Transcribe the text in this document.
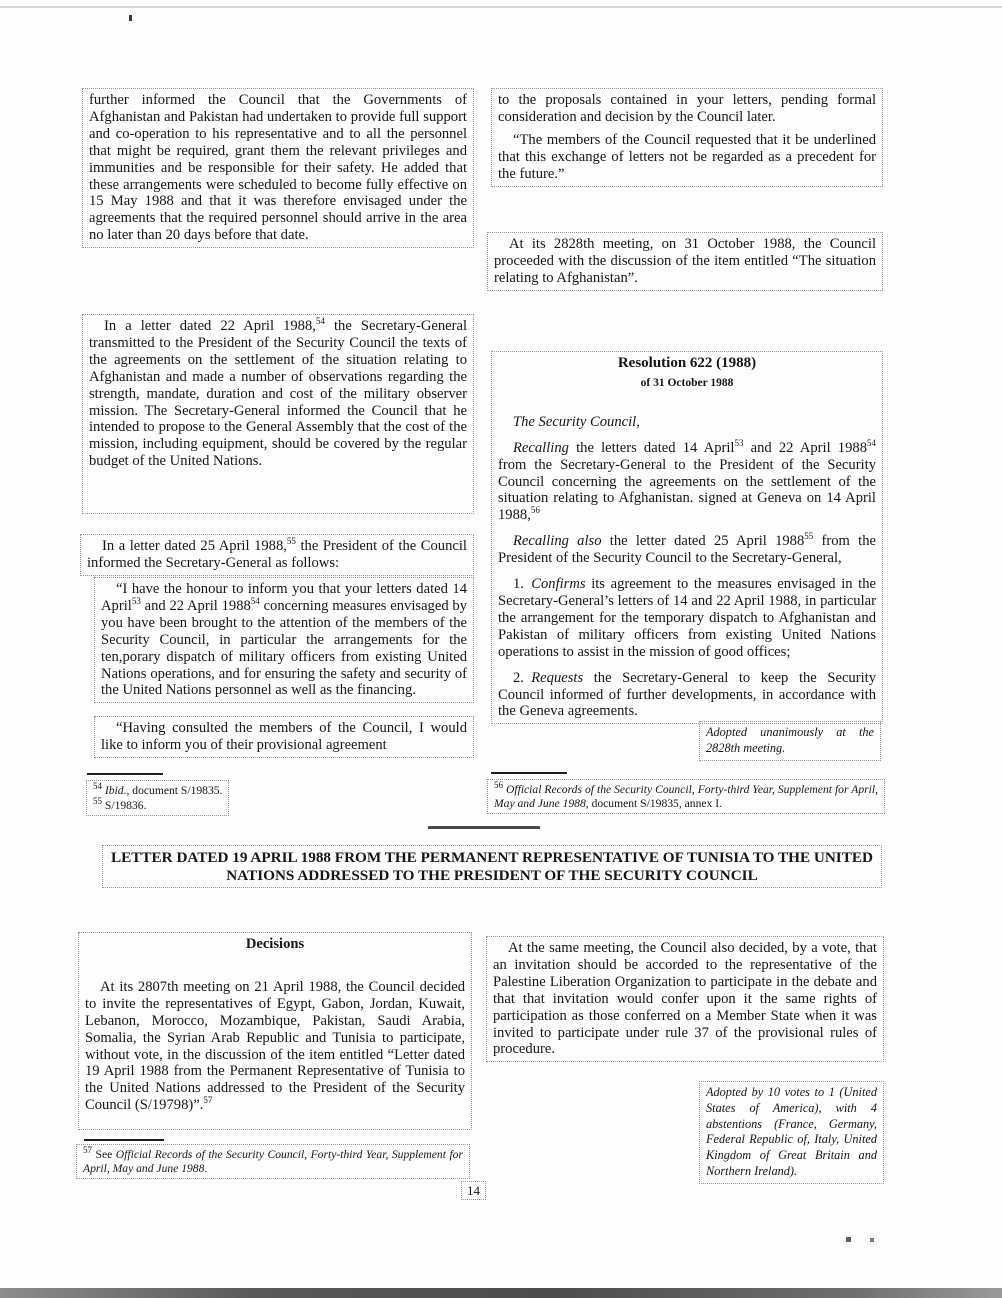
further informed the Council that the Governments of Afghanistan and Pakistan had undertaken to provide full support and co-operation to his representative and to all the personnel that might be required, grant them the relevant privileges and immunities and be responsible for their safety. He added that these arrangements were scheduled to become fully effective on 15 May 1988 and that it was therefore envisaged under the agreements that the required personnel should arrive in the area no later than 20 days before that date.

In a letter dated 22 April 1988,54 the Secretary-General transmitted to the President of the Security Council the texts of the agreements on the settlement of the situation relating to Afghanistan and made a number of observations regarding the strength, mandate, duration and cost of the military observer mission. The Secretary-General informed the Council that he intended to propose to the General Assembly that the cost of the mission, including equipment, should be covered by the regular budget of the United Nations.

In a letter dated 25 April 1988,55 the President of the Council informed the Secretary-General as follows:

“I have the honour to inform you that your letters dated 14 April$^{53}$ and 22 April 1988$^{54}$ concerning measures envisaged by you have been brought to the attention of the members of the Security Council, in particular the arrangements for the ten,porary dispatch of military officers from existing United Nations operations, and for ensuring the safety and security of the United Nations personnel as well as the financing.

“Having consulted the members of the Council, I would like to inform you of their provisional agreement

$^{54}$ Ibid., document S/19835.

$^{55}$ S/19836.

to the proposals contained in your letters, pending formal consideration and decision by the Council later.

“The members of the Council requested that it be underlined that this exchange of letters not be regarded as a precedent for the future.”

At its 2828th meeting, on 31 October 1988, the Council proceeded with the discussion of the item entitled “The situation relating to Afghanistan”.

Resolution 622 (1988)

of 31 October 1988

The Security Council,

Recalling the letters dated 14 April$^{53}$ and 22 April 1988$^{54}$ from the Secretary-General to the President of the Security Council concerning the agreements on the settlement of the situation relating to Afghanistan. signed at Geneva on 14 April 1988,56

Recalling also the letter dated 25 April 1988$^{55}$ from the President of the Security Council to the Secretary-General,

1. Confirms its agreement to the measures envisaged in the Secretary-General’s letters of 14 and 22 April 1988, in particular the arrangement for the temporary dispatch to Afghanistan and Pakistan of military officers from existing United Nations operations to assist in the mission of good offices;

2. Requests the Secretary-General to keep the Security Council informed of further developments, in accordance with the Geneva agreements.

Adopted unanimously at the 2828th meeting.

$^{56}$ Official Records of the Security Council, Forty-third Year, Supplement for April, May and June 1988, document S/19835, annex I.

LETTER DATED 19 APRIL 1988 FROM THE PERMANENT REPRESENTATIVE OF TUNISIA TO THE UNITED NATIONS ADDRESSED TO THE PRESIDENT OF THE SECURITY COUNCIL

Decisions

At its 2807th meeting on 21 April 1988, the Council decided to invite the representatives of Egypt, Gabon, Jordan, Kuwait, Lebanon, Morocco, Mozambique, Pakistan, Saudi Arabia, Somalia, the Syrian Arab Republic and Tunisia to participate, without vote, in the discussion of the item entitled “Letter dated 19 April 1988 from the Permanent Representative of Tunisia to the United Nations addressed to the President of the Security Council (S/19798)”.$^{57}$

$^{57}$ See Official Records of the Security Council, Forty-third Year, Supplement for April, May and June 1988.

At the same meeting, the Council also decided, by a vote, that an invitation should be accorded to the representative of the Palestine Liberation Organization to participate in the debate and that that invitation would confer upon it the same rights of participation as those conferred on a Member State when it was invited to participate under rule 37 of the provisional rules of procedure.

Adopted by 10 votes to 1 (United States of America), with 4 abstentions (France, Germany, Federal Republic of, Italy, United Kingdom of Great Britain and Northern Ireland).

14
